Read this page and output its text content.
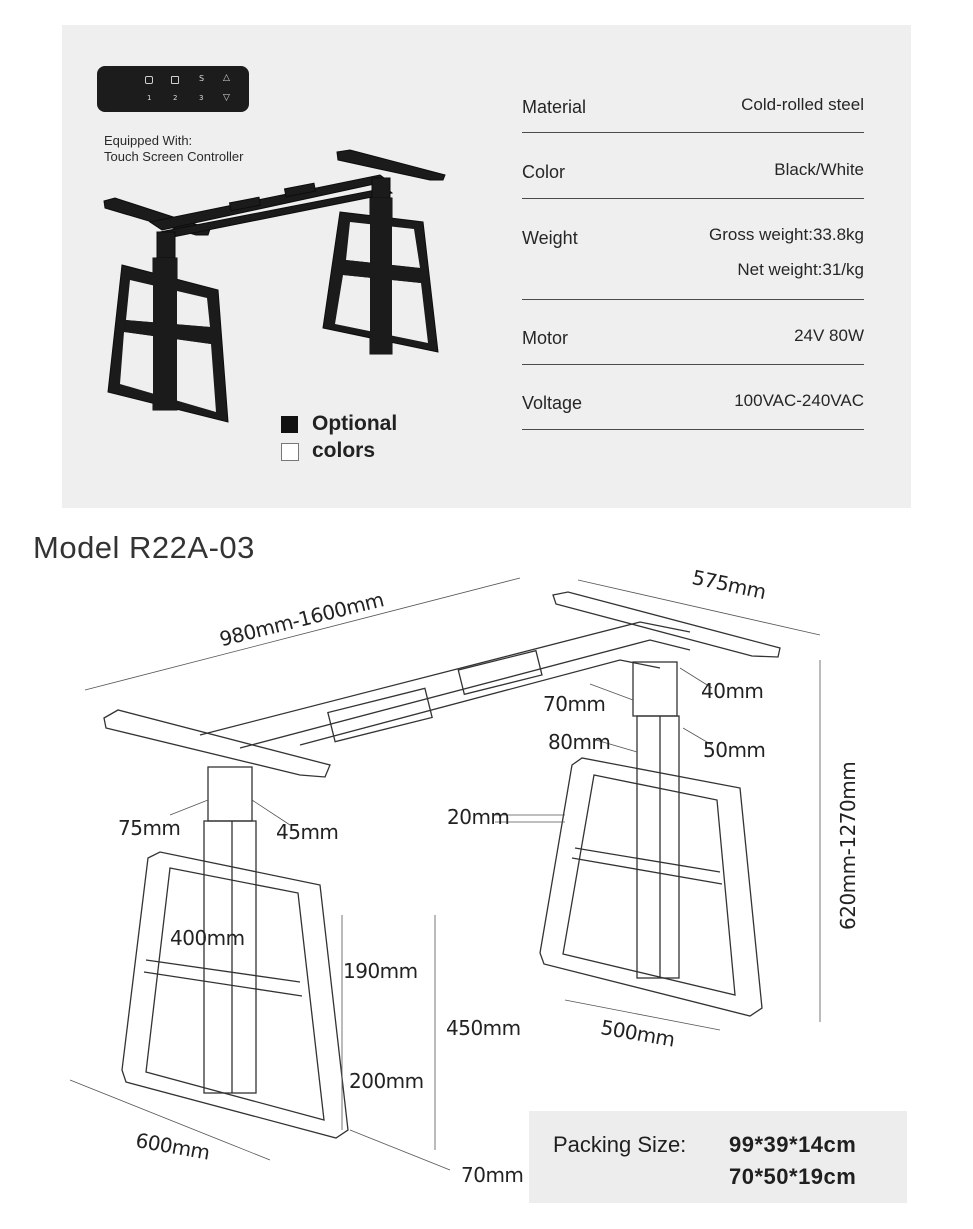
S △
1	2	3 ▽
Equipped With:
Touch Screen Controller
Material	Cold-rolled steel
Color	Black/White
Weight	Gross weight:33.8kg
Net weight:31/kg
Motor	24V 80W
Voltage	100VAC-240VAC
Optional
colors
Model R22A-03
980mm-1600mm
575mm
40mm
70mm
50mm
80mm
20mm	620mm-1270mm
75mm	45mm
400mm
190mm
450mm
200mm
500mm
600mm
70mm
Packing Size: 99*39*14cm
70*50*19cm
